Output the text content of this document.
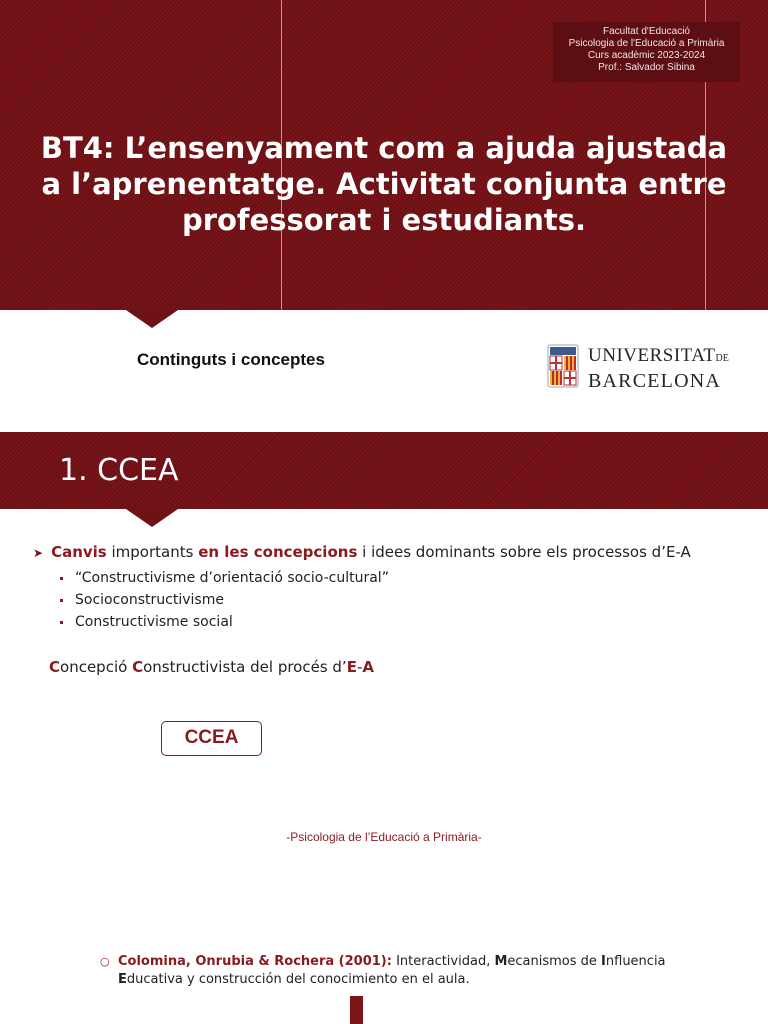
Facultat d'Educació
Psicologia de l'Educació a Primària
Curs acadèmic 2023-2024
Prof.: Salvador Sibina
BT4: L’ensenyament com a ajuda ajustada
a l’aprenentatge. Activitat conjunta entre
professorat i estudiants.
Continguts i conceptes	UNIVERSITATDE
BARCELONA
1. CCEA
➤ Canvis importants en les concepcions i idees dominants sobre els processos d’E-A
“Constructivisme d’orientació socio-cultural”
Socioconstructivisme
Constructivisme social
Concepció Constructivista del procés d’E-A
CCEA
-Psicologia de l’Educació a Primària-
○ Colomina, Onrubia & Rochera (2001): Interactividad, Mecanismos de Influencia Educativa y construcción del conocimiento en el aula.
